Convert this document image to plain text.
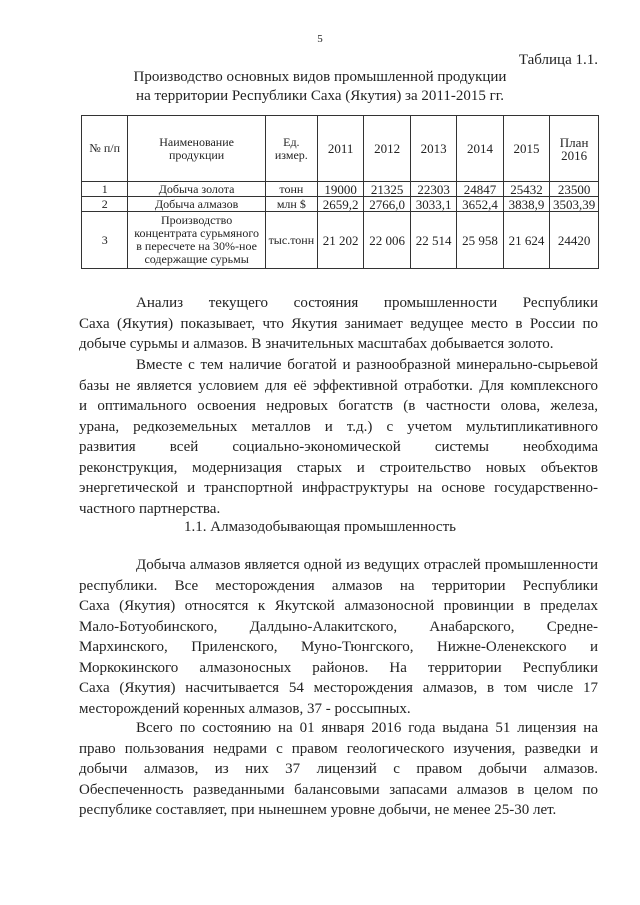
5
Таблица 1.1.
Производство основных видов промышленной продукции
на территории Республики Саха (Якутия) за 2011-2015 гг.
№ п/п	Наименование продукции	Ед. измер.	2011	2012	2013	2014	2015	План 2016
1	Добыча золота	тонн	19000	21325	22303	24847	25432	23500
2	Добыча алмазов	млн $	2659,2	2766,0	3033,1	3652,4	3838,9	3503,39
3	Производство концентрата сурьмяного в пересчете на 30%-ное содержащие сурьмы	тыс.тонн	21 202	22 006	22 514	25 958	21 624	24420
Анализ текущего состояния промышленности Республики
Саха (Якутия) показывает, что Якутия занимает ведущее место в России по
добыче сурьмы и алмазов. В значительных масштабах добывается золото.
Вместе с тем наличие богатой и разнообразной минерально-сырьевой
базы не является условием для её эффективной отработки. Для комплексного
и оптимального освоения недровых богатств (в частности олова, железа,
урана, редкоземельных металлов и т.д.) с учетом мультипликативного
развития всей социально-экономической системы необходима
реконструкция, модернизация старых и строительство новых объектов
энергетической и транспортной инфраструктуры на основе государственно-
частного партнерства.
1.1. Алмазодобывающая промышленность
Добыча алмазов является одной из ведущих отраслей промышленности
республики. Все месторождения алмазов на территории Республики
Саха (Якутия) относятся к Якутской алмазоносной провинции в пределах
Мало-Ботуобинского, Далдыно-Алакитского, Анабарского, Средне-
Мархинского, Приленского, Муно-Тюнгского, Нижне-Оленекского и
Моркокинского алмазоносных районов. На территории Республики
Саха (Якутия) насчитывается 54 месторождения алмазов, в том числе 17
месторождений коренных алмазов, 37 - россыпных.
Всего по состоянию на 01 января 2016 года выдана 51 лицензия на
право пользования недрами с правом геологического изучения, разведки и
добычи алмазов, из них 37 лицензий с правом добычи алмазов.
Обеспеченность разведанными балансовыми запасами алмазов в целом по
республике составляет, при нынешнем уровне добычи, не менее 25-30 лет.
